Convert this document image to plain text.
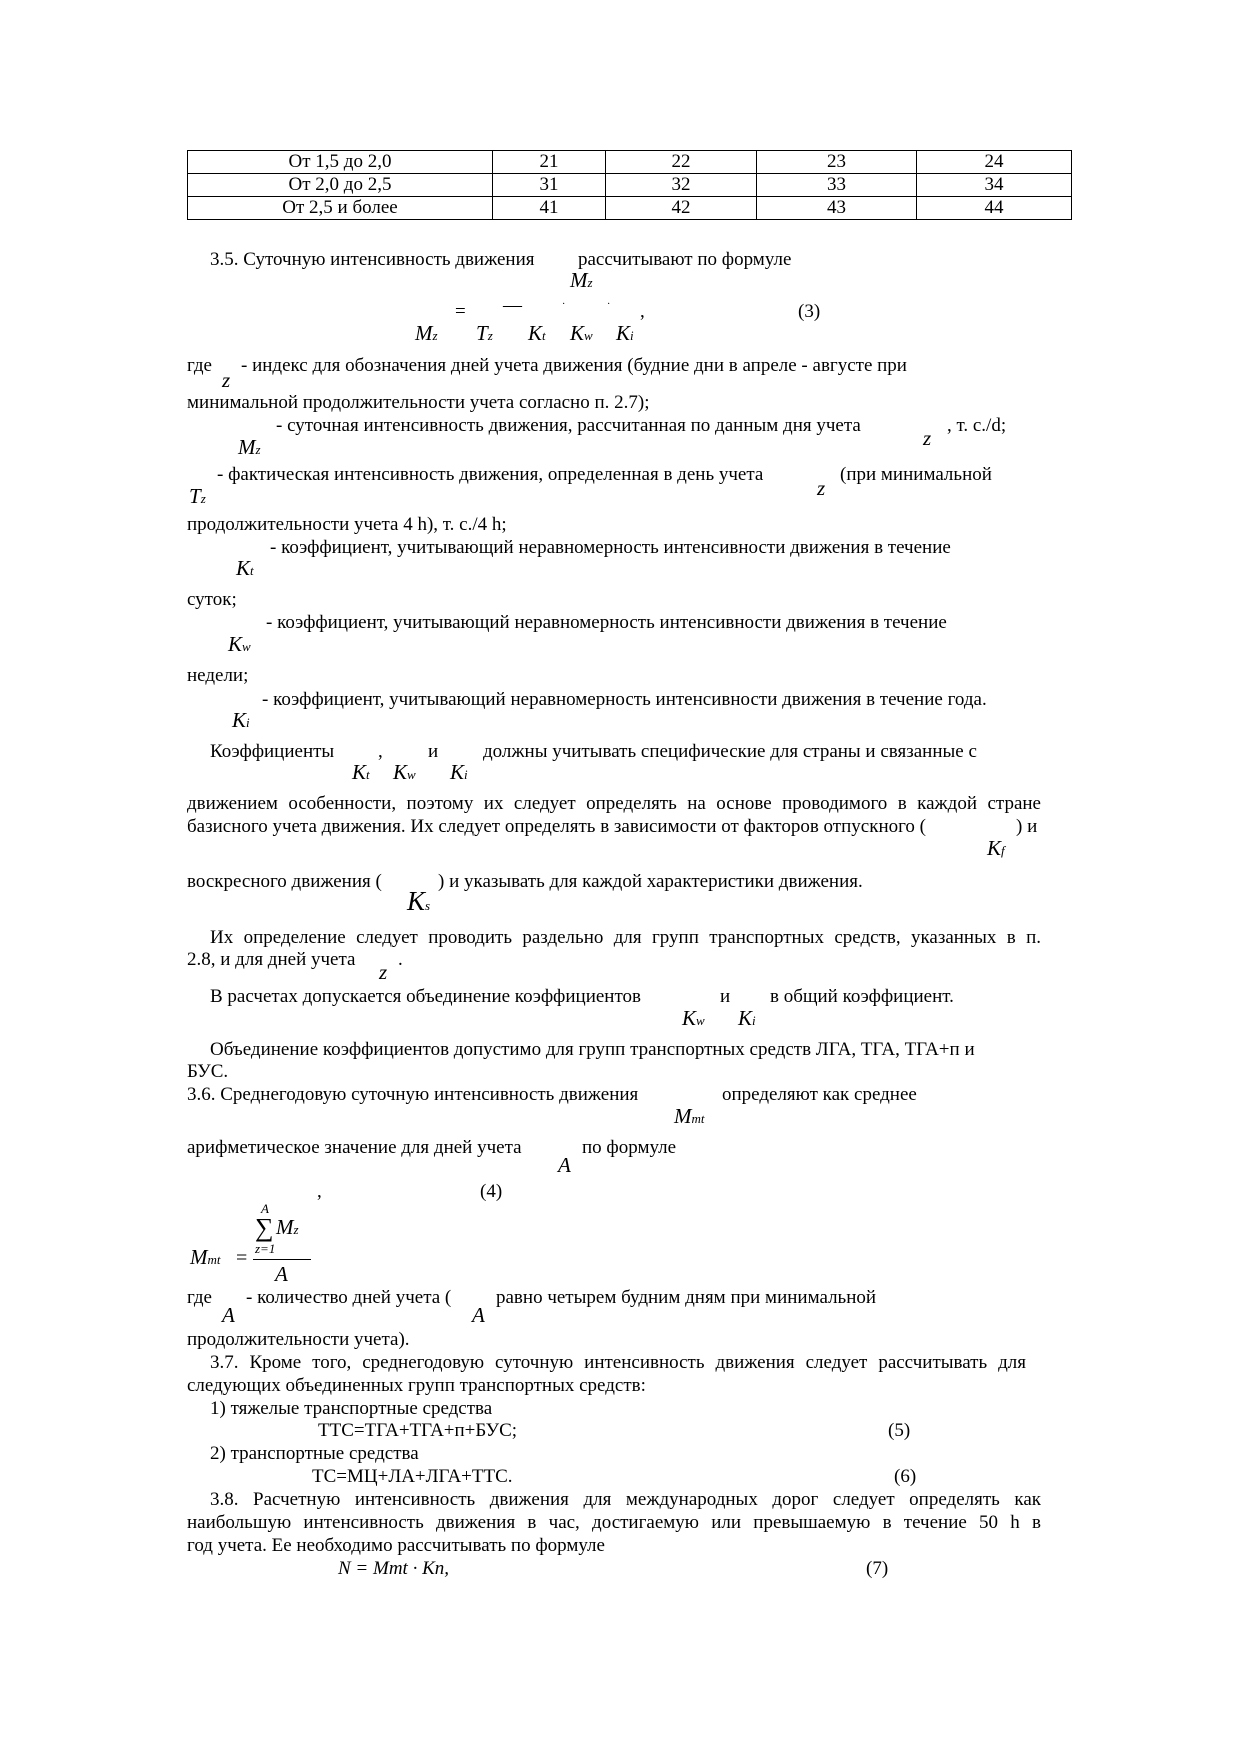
От 1,5 до 2,0	21	22	23	24
От 2,0 до 2,5	31	32	33	34
От 2,5 и более	41	42	43	44
3.5. Суточную интенсивность движения рассчитывают по формуле
Mz
= —	·	· ,	(3)
Mz Tz Kt Kw Ki
где
z
- индекс для обозначения дней учета движения (будние дни в апреле - августе при
минимальной продолжительности учета согласно п. 2.7);
- суточная интенсивность движения, рассчитанная по данным дня учета
z
, т. с./d;
Mz
- фактическая интенсивность движения, определенная в день учета
z
(при минимальной
Tz
продолжительности учета 4 h), т. с./4 h;
- коэффициент, учитывающий неравномерность интенсивности движения в течение
Kt
суток;
- коэффициент, учитывающий неравномерность интенсивности движения в течение
Kw
недели;
- коэффициент, учитывающий неравномерность интенсивности движения в течение года.
Ki
Коэффициенты , и должны учитывать специфические для страны и связанные с
Kt Kw Ki
движением особенности, поэтому их следует определять на основе проводимого в каждой стране
базисного учета движения. Их следует определять в зависимости от факторов отпускного (	) и
Kf
воскресного движения (	) и указывать для каждой характеристики движения.
Ks
Их определение следует проводить раздельно для групп транспортных средств, указанных в п.
2.8, и для дней учета
z
.
В расчетах допускается объединение коэффициентов	и в общий коэффициент.
Kw Ki
Объединение коэффициентов допустимо для групп транспортных средств ЛГА, ТГА, ТГА+п и
БУС.
3.6. Среднегодовую суточную интенсивность движения	определяют как среднее
Mmt
арифметическое значение для дней учета
A
по формуле
,	(4)
A
∑ Mz
z=1
Mmt =
A
где
A
- количество дней учета (
A
равно четырем будним дням при минимальной
продолжительности учета).
3.7. Кроме того, среднегодовую суточную интенсивность движения следует рассчитывать для
следующих объединенных групп транспортных средств:
1) тяжелые транспортные средства
ТТС=ТГА+ТГА+п+БУС;	(5)
2) транспортные средства
ТС=МЦ+ЛА+ЛГА+ТТС.	(6)
3.8. Расчетную интенсивность движения для международных дорог следует определять как
наибольшую интенсивность движения в час, достигаемую или превышаемую в течение 50 h в
год учета. Ее необходимо рассчитывать по формуле
N = Mmt · Kп,	(7)
